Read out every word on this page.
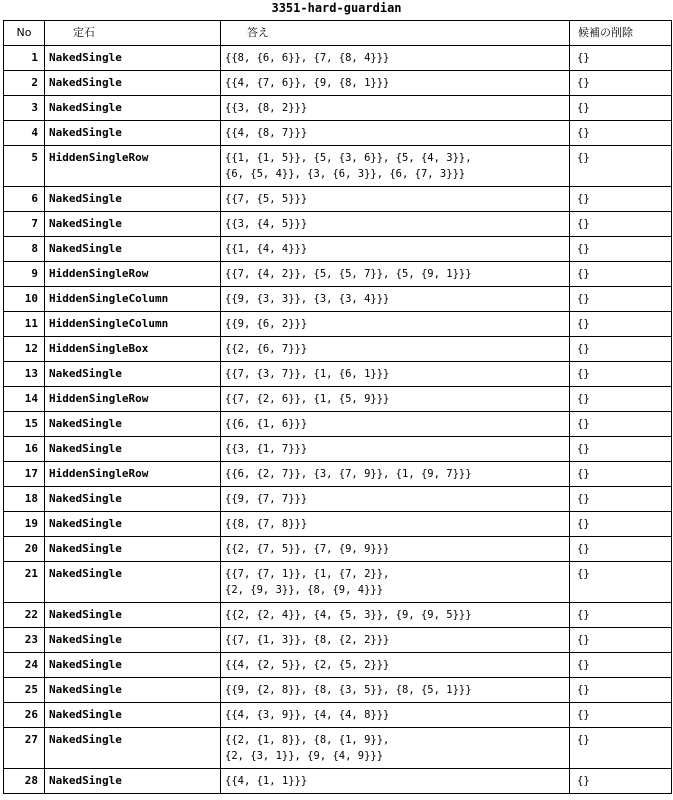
3351-hard-guardian
No	定石	答え	候補の削除
1	NakedSingle	{{8, {6, 6}}, {7, {8, 4}}}	{}
2	NakedSingle	{{4, {7, 6}}, {9, {8, 1}}}	{}
3	NakedSingle	{{3, {8, 2}}}	{}
4	NakedSingle	{{4, {8, 7}}}	{}
5	HiddenSingleRow	{{1, {1, 5}}, {5, {3, 6}}, {5, {4, 3}},
{6, {5, 4}}, {3, {6, 3}}, {6, {7, 3}}}	{}
6	NakedSingle	{{7, {5, 5}}}	{}
7	NakedSingle	{{3, {4, 5}}}	{}
8	NakedSingle	{{1, {4, 4}}}	{}
9	HiddenSingleRow	{{7, {4, 2}}, {5, {5, 7}}, {5, {9, 1}}}	{}
10	HiddenSingleColumn	{{9, {3, 3}}, {3, {3, 4}}}	{}
11	HiddenSingleColumn	{{9, {6, 2}}}	{}
12	HiddenSingleBox	{{2, {6, 7}}}	{}
13	NakedSingle	{{7, {3, 7}}, {1, {6, 1}}}	{}
14	HiddenSingleRow	{{7, {2, 6}}, {1, {5, 9}}}	{}
15	NakedSingle	{{6, {1, 6}}}	{}
16	NakedSingle	{{3, {1, 7}}}	{}
17	HiddenSingleRow	{{6, {2, 7}}, {3, {7, 9}}, {1, {9, 7}}}	{}
18	NakedSingle	{{9, {7, 7}}}	{}
19	NakedSingle	{{8, {7, 8}}}	{}
20	NakedSingle	{{2, {7, 5}}, {7, {9, 9}}}	{}
21	NakedSingle	{{7, {7, 1}}, {1, {7, 2}},
{2, {9, 3}}, {8, {9, 4}}}	{}
22	NakedSingle	{{2, {2, 4}}, {4, {5, 3}}, {9, {9, 5}}}	{}
23	NakedSingle	{{7, {1, 3}}, {8, {2, 2}}}	{}
24	NakedSingle	{{4, {2, 5}}, {2, {5, 2}}}	{}
25	NakedSingle	{{9, {2, 8}}, {8, {3, 5}}, {8, {5, 1}}}	{}
26	NakedSingle	{{4, {3, 9}}, {4, {4, 8}}}	{}
27	NakedSingle	{{2, {1, 8}}, {8, {1, 9}},
{2, {3, 1}}, {9, {4, 9}}}	{}
28	NakedSingle	{{4, {1, 1}}}	{}
